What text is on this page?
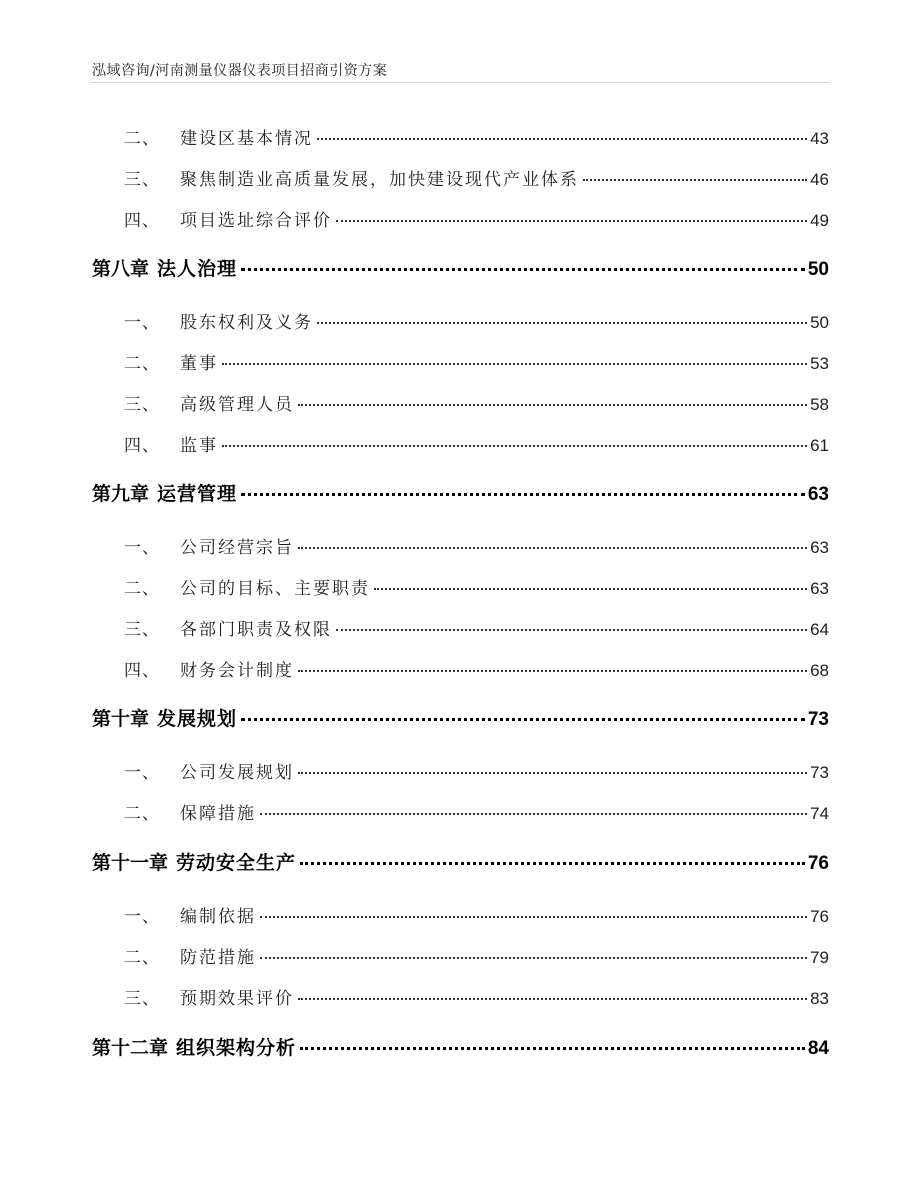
泓域咨询/河南测量仪器仪表项目招商引资方案
二、 建设区基本情况	43
三、 聚焦制造业高质量发展，加快建设现代产业体系	46
四、 项目选址综合评价	49
第八章 法人治理	50
一、 股东权利及义务	50
二、 董事	53
三、 高级管理人员	58
四、 监事	61
第九章 运营管理	63
一、 公司经营宗旨	63
二、 公司的目标、主要职责	63
三、 各部门职责及权限	64
四、 财务会计制度	68
第十章 发展规划	73
一、 公司发展规划	73
二、 保障措施	74
第十一章 劳动安全生产	76
一、 编制依据	76
二、 防范措施	79
三、 预期效果评价	83
第十二章 组织架构分析	84
